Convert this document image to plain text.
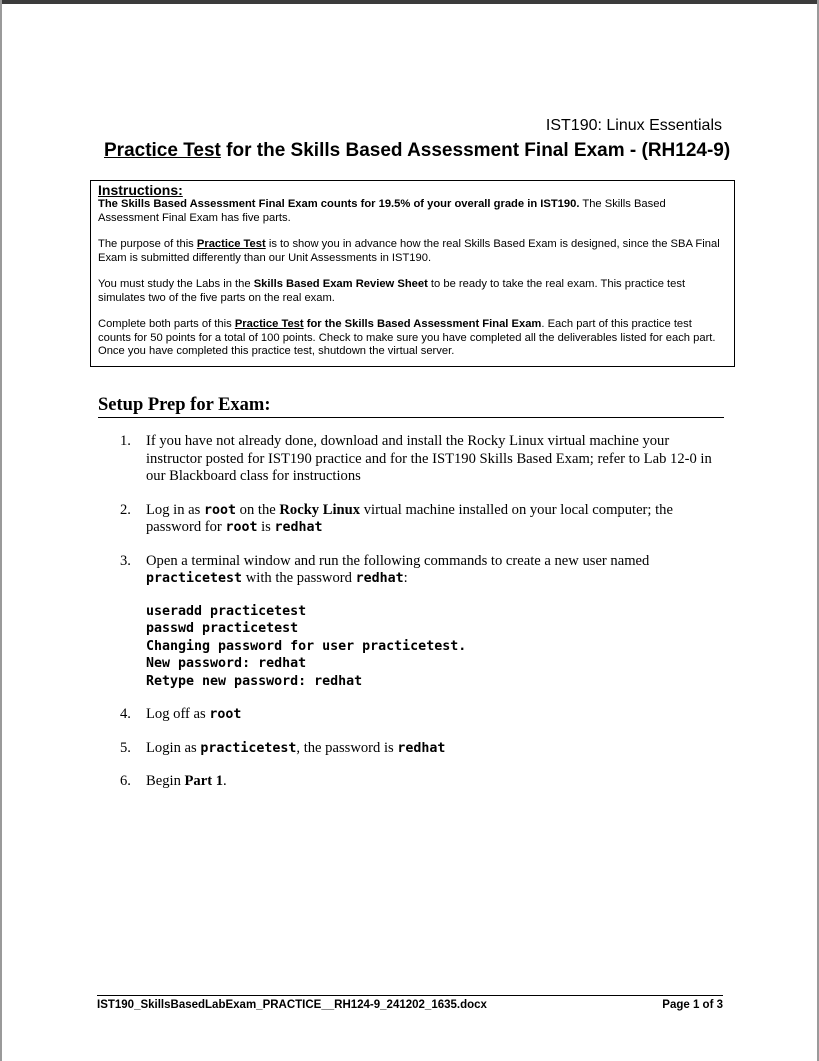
IST190: Linux Essentials
Practice Test for the Skills Based Assessment Final Exam - (RH124-9)
Instructions:

The Skills Based Assessment Final Exam counts for 19.5% of your overall grade in IST190. The Skills Based Assessment Final Exam has five parts.

The purpose of this Practice Test is to show you in advance how the real Skills Based Exam is designed, since the SBA Final Exam is submitted differently than our Unit Assessments in IST190.

You must study the Labs in the Skills Based Exam Review Sheet to be ready to take the real exam. This practice test simulates two of the five parts on the real exam.

Complete both parts of this Practice Test for the Skills Based Assessment Final Exam. Each part of this practice test counts for 50 points for a total of 100 points. Check to make sure you have completed all the deliverables listed for each part. Once you have completed this practice test, shutdown the virtual server.

Setup Prep for Exam:
1. If you have not already done, download and install the Rocky Linux virtual machine your instructor posted for IST190 practice and for the IST190 Skills Based Exam; refer to Lab 12-0 in our Blackboard class for instructions
2. Log in as root on the Rocky Linux virtual machine installed on your local computer; the password for root is redhat
3. Open a terminal window and run the following commands to create a new user named practicetest with the password redhat:
useradd practicetest
passwd practicetest
Changing password for user practicetest.
New password: redhat
Retype new password: redhat
4. Log off as root
5. Login as practicetest, the password is redhat
6. Begin Part 1.
IST190_SkillsBasedLabExam_PRACTICE__RH124-9_241202_1635.docx	Page 1 of 3
